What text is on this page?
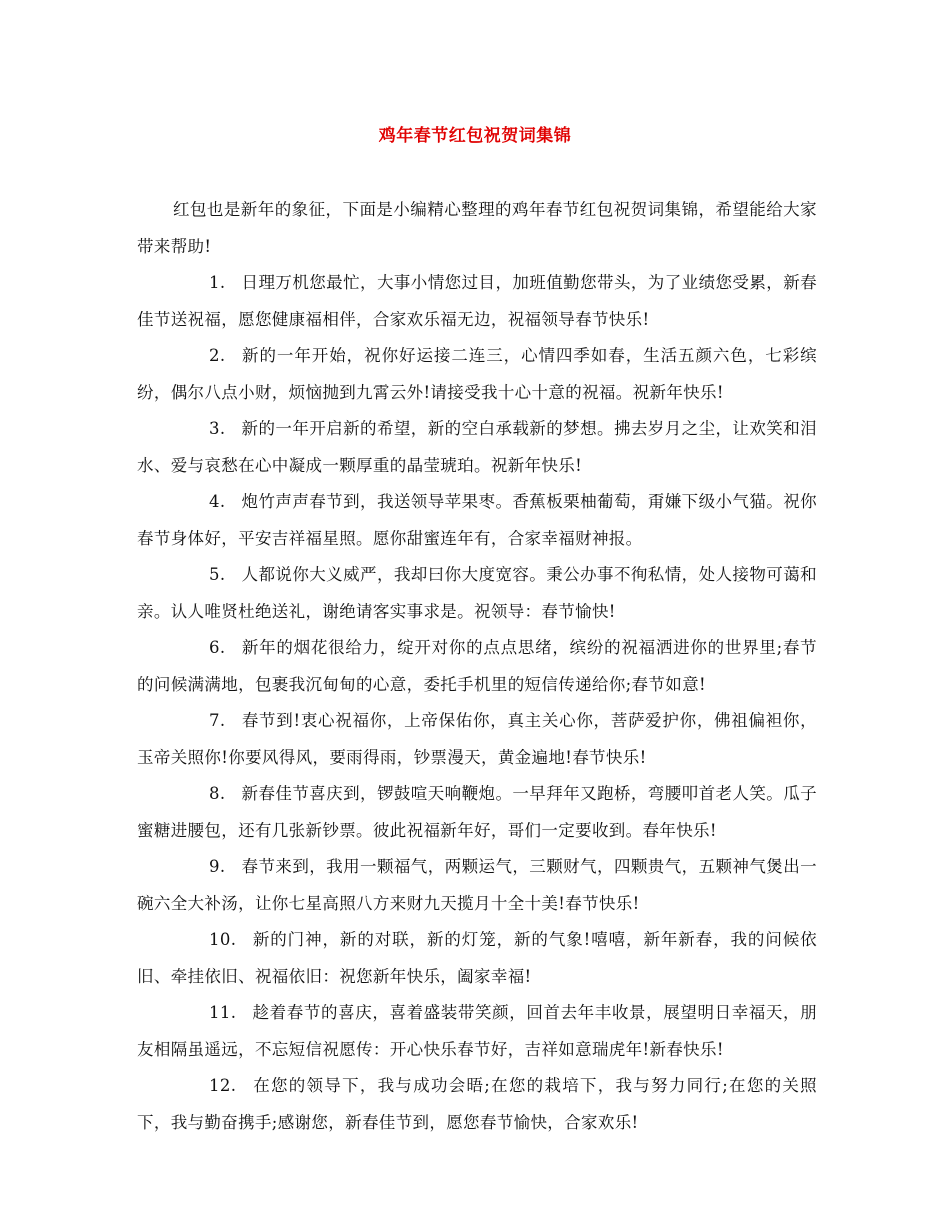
鸡年春节红包祝贺词集锦

红包也是新年的象征，下面是小编精心整理的鸡年春节红包祝贺词集锦，希望能给大家带来帮助!

1. 日理万机您最忙，大事小情您过目，加班值勤您带头，为了业绩您受累，新春佳节送祝福，愿您健康福相伴，合家欢乐福无边，祝福领导春节快乐!

2. 新的一年开始，祝你好运接二连三，心情四季如春，生活五颜六色，七彩缤纷，偶尔八点小财，烦恼抛到九霄云外!请接受我十心十意的祝福。祝新年快乐!

3. 新的一年开启新的希望，新的空白承载新的梦想。拂去岁月之尘，让欢笑和泪水、爱与哀愁在心中凝成一颗厚重的晶莹琥珀。祝新年快乐!

4. 炮竹声声春节到，我送领导苹果枣。香蕉板栗柚葡萄，甭嫌下级小气猫。祝你春节身体好，平安吉祥福星照。愿你甜蜜连年有，合家幸福财神报。

5. 人都说你大义威严，我却曰你大度宽容。秉公办事不徇私情，处人接物可蔼和亲。认人唯贤杜绝送礼，谢绝请客实事求是。祝领导：春节愉快!

6. 新年的烟花很给力，绽开对你的点点思绪，缤纷的祝福洒进你的世界里;春节的问候满满地，包裹我沉甸甸的心意，委托手机里的短信传递给你;春节如意!

7. 春节到!衷心祝福你，上帝保佑你，真主关心你，菩萨爱护你，佛祖偏袒你，玉帝关照你!你要风得风，要雨得雨，钞票漫天，黄金遍地!春节快乐!

8. 新春佳节喜庆到，锣鼓喧天响鞭炮。一早拜年又跑桥，弯腰叩首老人笑。瓜子蜜糖进腰包，还有几张新钞票。彼此祝福新年好，哥们一定要收到。春年快乐!

9. 春节来到，我用一颗福气，两颗运气，三颗财气，四颗贵气，五颗神气煲出一碗六全大补汤，让你七星高照八方来财九天揽月十全十美!春节快乐!

10. 新的门神，新的对联，新的灯笼，新的气象!嘻嘻，新年新春，我的问候依旧、牵挂依旧、祝福依旧：祝您新年快乐，阖家幸福!

11. 趁着春节的喜庆，喜着盛装带笑颜，回首去年丰收景，展望明日幸福天，朋友相隔虽遥远，不忘短信祝愿传：开心快乐春节好，吉祥如意瑞虎年!新春快乐!

12. 在您的领导下，我与成功会晤;在您的栽培下，我与努力同行;在您的关照下，我与勤奋携手;感谢您，新春佳节到，愿您春节愉快，合家欢乐!
